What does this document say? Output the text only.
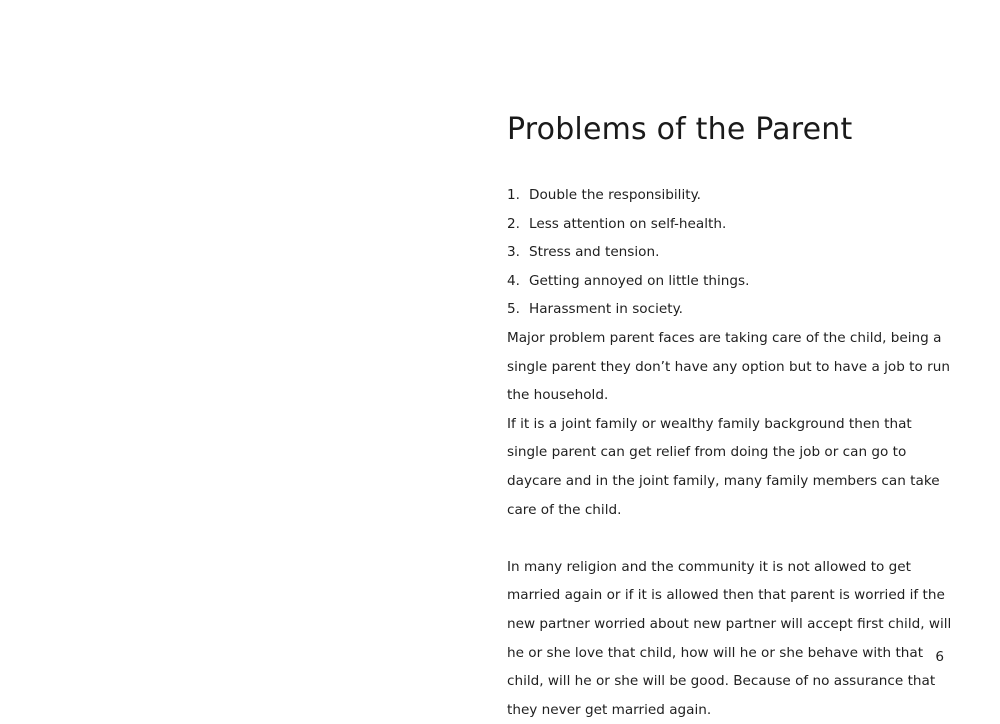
Problems of the Parent
1. Double the responsibility.
2. Less attention on self-health.
3. Stress and tension.
4. Getting annoyed on little things.
5. Harassment in society.

Major problem parent faces are taking care of the child, being a single parent they don’t have any option but to have a job to run the household.

If it is a joint family or wealthy family background then that single parent can get relief from doing the job or can go to daycare and in the joint family, many family members can take care of the child.

In many religion and the community it is not allowed to get married again or if it is allowed then that parent is worried if the new partner worried about new partner will accept first child, will he or she love that child, how will he or she behave with that child, will he or she will be good. Because of no assurance that they never get married again.

6
